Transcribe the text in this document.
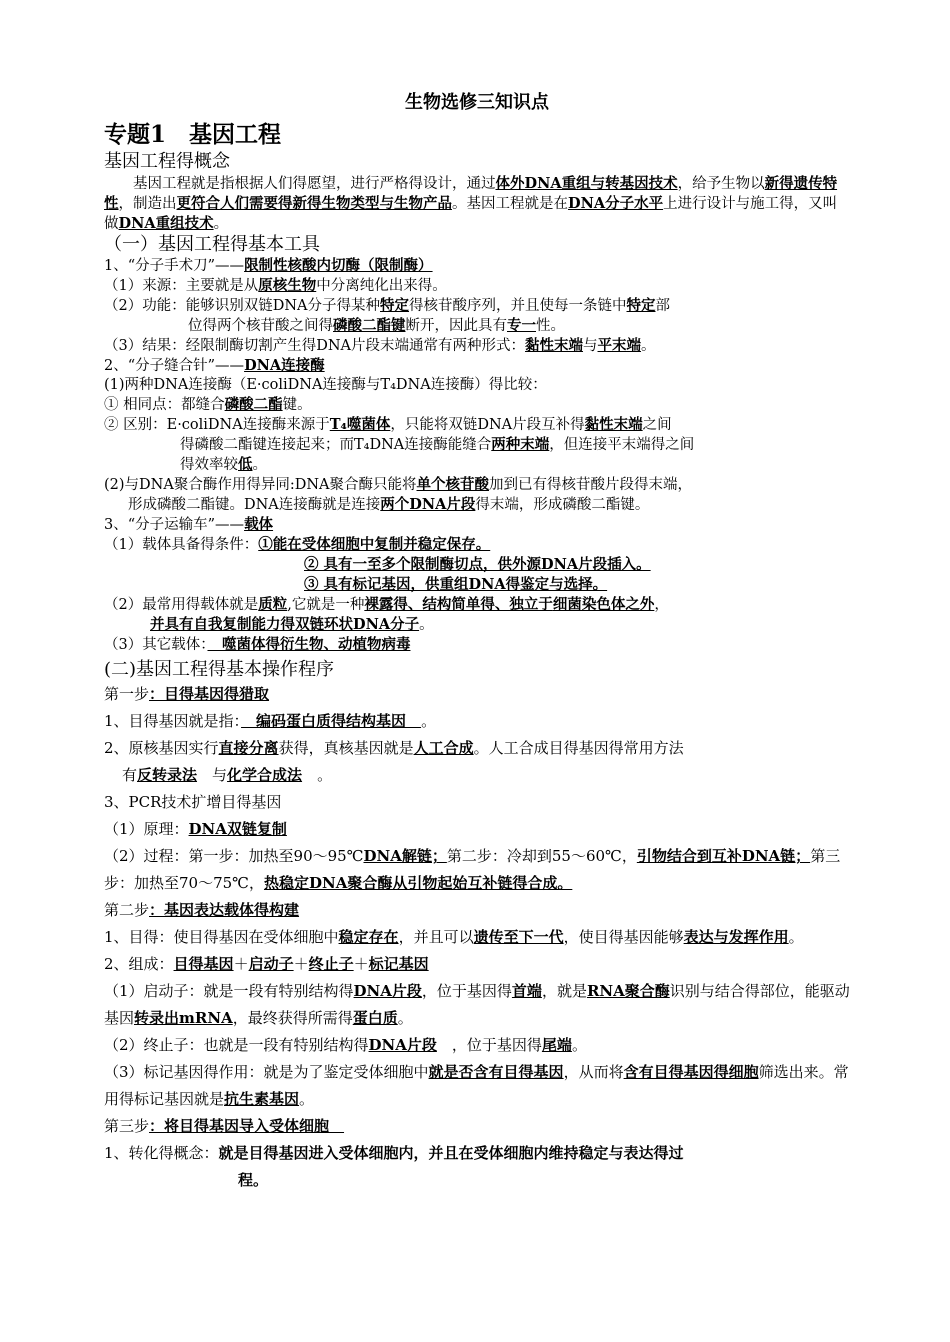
生物选修三知识点

专题1　基因工程

基因工程得概念

　　基因工程就是指根据人们得愿望，进行严格得设计，通过体外DNA重组与转基因技术，给予生物以新得遗传特性，制造出更符合人们需要得新得生物类型与生物产品。基因工程就是在DNA分子水平上进行设计与施工得，又叫做DNA重组技术。

（一）基因工程得基本工具

1、“分子手术刀”——限制性核酸内切酶（限制酶）

（1）来源：主要就是从原核生物中分离纯化出来得。

（2）功能：能够识别双链DNA分子得某种特定得核苷酸序列，并且使每一条链中特定部

位得两个核苷酸之间得磷酸二酯键断开，因此具有专一性。

（3）结果：经限制酶切割产生得DNA片段末端通常有两种形式：黏性末端与平末端。

2、“分子缝合针”——DNA连接酶

(1)两种DNA连接酶（E·coliDNA连接酶与T₄DNA连接酶）得比较：

① 相同点：都缝合磷酸二酯键。

② 区别：E·coliDNA连接酶来源于T₄噬菌体，只能将双链DNA片段互补得黏性末端之间

得磷酸二酯键连接起来；而T₄DNA连接酶能缝合两种末端，但连接平末端得之间

得效率较低。

(2)与DNA聚合酶作用得异同:DNA聚合酶只能将单个核苷酸加到已有得核苷酸片段得末端，

形成磷酸二酯键。DNA连接酶就是连接两个DNA片段得末端，形成磷酸二酯键。

3、“分子运输车”——载体

（1）载体具备得条件：①能在受体细胞中复制并稳定保存。

② 具有一至多个限制酶切点，供外源DNA片段插入。

③ 具有标记基因，供重组DNA得鉴定与选择。

（2）最常用得载体就是质粒,它就是一种裸露得、结构简单得、独立于细菌染色体之外，

并具有自我复制能力得双链环状DNA分子。

（3）其它载体：　噬菌体得衍生物、动植物病毒

(二)基因工程得基本操作程序

第一步：目得基因得猎取

1、目得基因就是指：　编码蛋白质得结构基因　。

2、原核基因实行直接分离获得，真核基因就是人工合成。人工合成目得基因得常用方法

有反转录法　与化学合成法　。

3、PCR技术扩增目得基因

（1）原理：DNA双链复制

（2）过程：第一步：加热至90～95℃DNA解链；第二步：冷却到55～60℃，引物结合到互补DNA链；第三步：加热至70～75℃，热稳定DNA聚合酶从引物起始互补链得合成。

第二步：基因表达载体得构建

1、目得：使目得基因在受体细胞中稳定存在，并且可以遗传至下一代，使目得基因能够表达与发挥作用。

2、组成：目得基因＋启动子＋终止子＋标记基因

（1）启动子：就是一段有特别结构得DNA片段，位于基因得首端，就是RNA聚合酶识别与结合得部位，能驱动基因转录出mRNA，最终获得所需得蛋白质。

（2）终止子：也就是一段有特别结构得DNA片段　，位于基因得尾端。

（3）标记基因得作用：就是为了鉴定受体细胞中就是否含有目得基因，从而将含有目得基因得细胞筛选出来。常用得标记基因就是抗生素基因。

第三步：将目得基因导入受体细胞　

1、转化得概念：就是目得基因进入受体细胞内，并且在受体细胞内维持稳定与表达得过

程。
